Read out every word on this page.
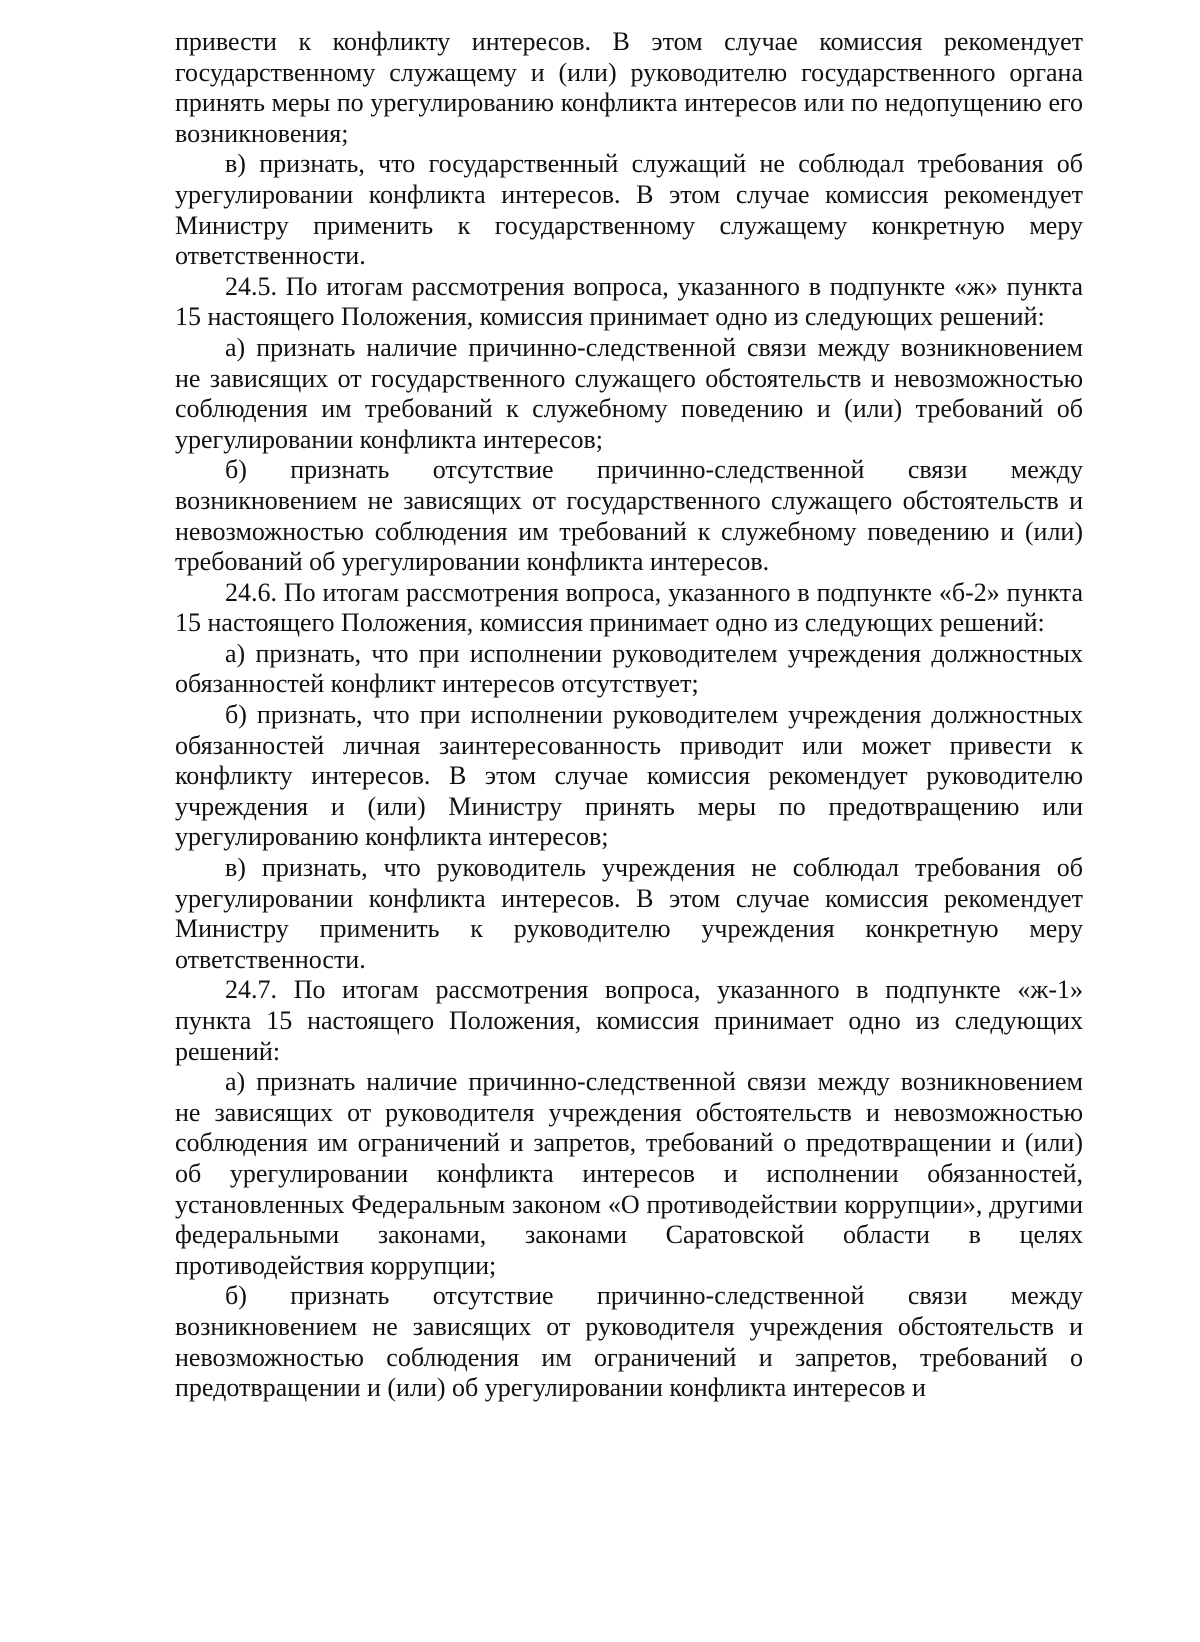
привести к конфликту интересов. В этом случае комиссия рекомендует государственному служащему и (или) руководителю государственного органа принять меры по урегулированию конфликта интересов или по недопущению его возникновения;

в) признать, что государственный служащий не соблюдал требования об урегулировании конфликта интересов. В этом случае комиссия рекомендует Министру применить к государственному служащему конкретную меру ответственности.

24.5. По итогам рассмотрения вопроса, указанного в подпункте «ж» пункта 15 настоящего Положения, комиссия принимает одно из следующих решений:

а) признать наличие причинно-следственной связи между возникновением не зависящих от государственного служащего обстоятельств и невозможностью соблюдения им требований к служебному поведению и (или) требований об урегулировании конфликта интересов;

б) признать отсутствие причинно-следственной связи между возникновением не зависящих от государственного служащего обстоятельств и невозможностью соблюдения им требований к служебному поведению и (или) требований об урегулировании конфликта интересов.

24.6. По итогам рассмотрения вопроса, указанного в подпункте «б-2» пункта 15 настоящего Положения, комиссия принимает одно из следующих решений:

а) признать, что при исполнении руководителем учреждения должностных обязанностей конфликт интересов отсутствует;

б) признать, что при исполнении руководителем учреждения должностных обязанностей личная заинтересованность приводит или может привести к конфликту интересов. В этом случае комиссия рекомендует руководителю учреждения и (или) Министру принять меры по предотвращению или урегулированию конфликта интересов;

в) признать, что руководитель учреждения не соблюдал требования об урегулировании конфликта интересов. В этом случае комиссия рекомендует Министру применить к руководителю учреждения конкретную меру ответственности.

24.7. По итогам рассмотрения вопроса, указанного в подпункте «ж-1» пункта 15 настоящего Положения, комиссия принимает одно из следующих решений:

а) признать наличие причинно-следственной связи между возникновением не зависящих от руководителя учреждения обстоятельств и невозможностью соблюдения им ограничений и запретов, требований о предотвращении и (или) об урегулировании конфликта интересов и исполнении обязанностей, установленных Федеральным законом «О противодействии коррупции», другими федеральными законами, законами Саратовской области в целях противодействия коррупции;

б) признать отсутствие причинно-следственной связи между возникновением не зависящих от руководителя учреждения обстоятельств и невозможностью соблюдения им ограничений и запретов, требований о предотвращении и (или) об урегулировании конфликта интересов и
